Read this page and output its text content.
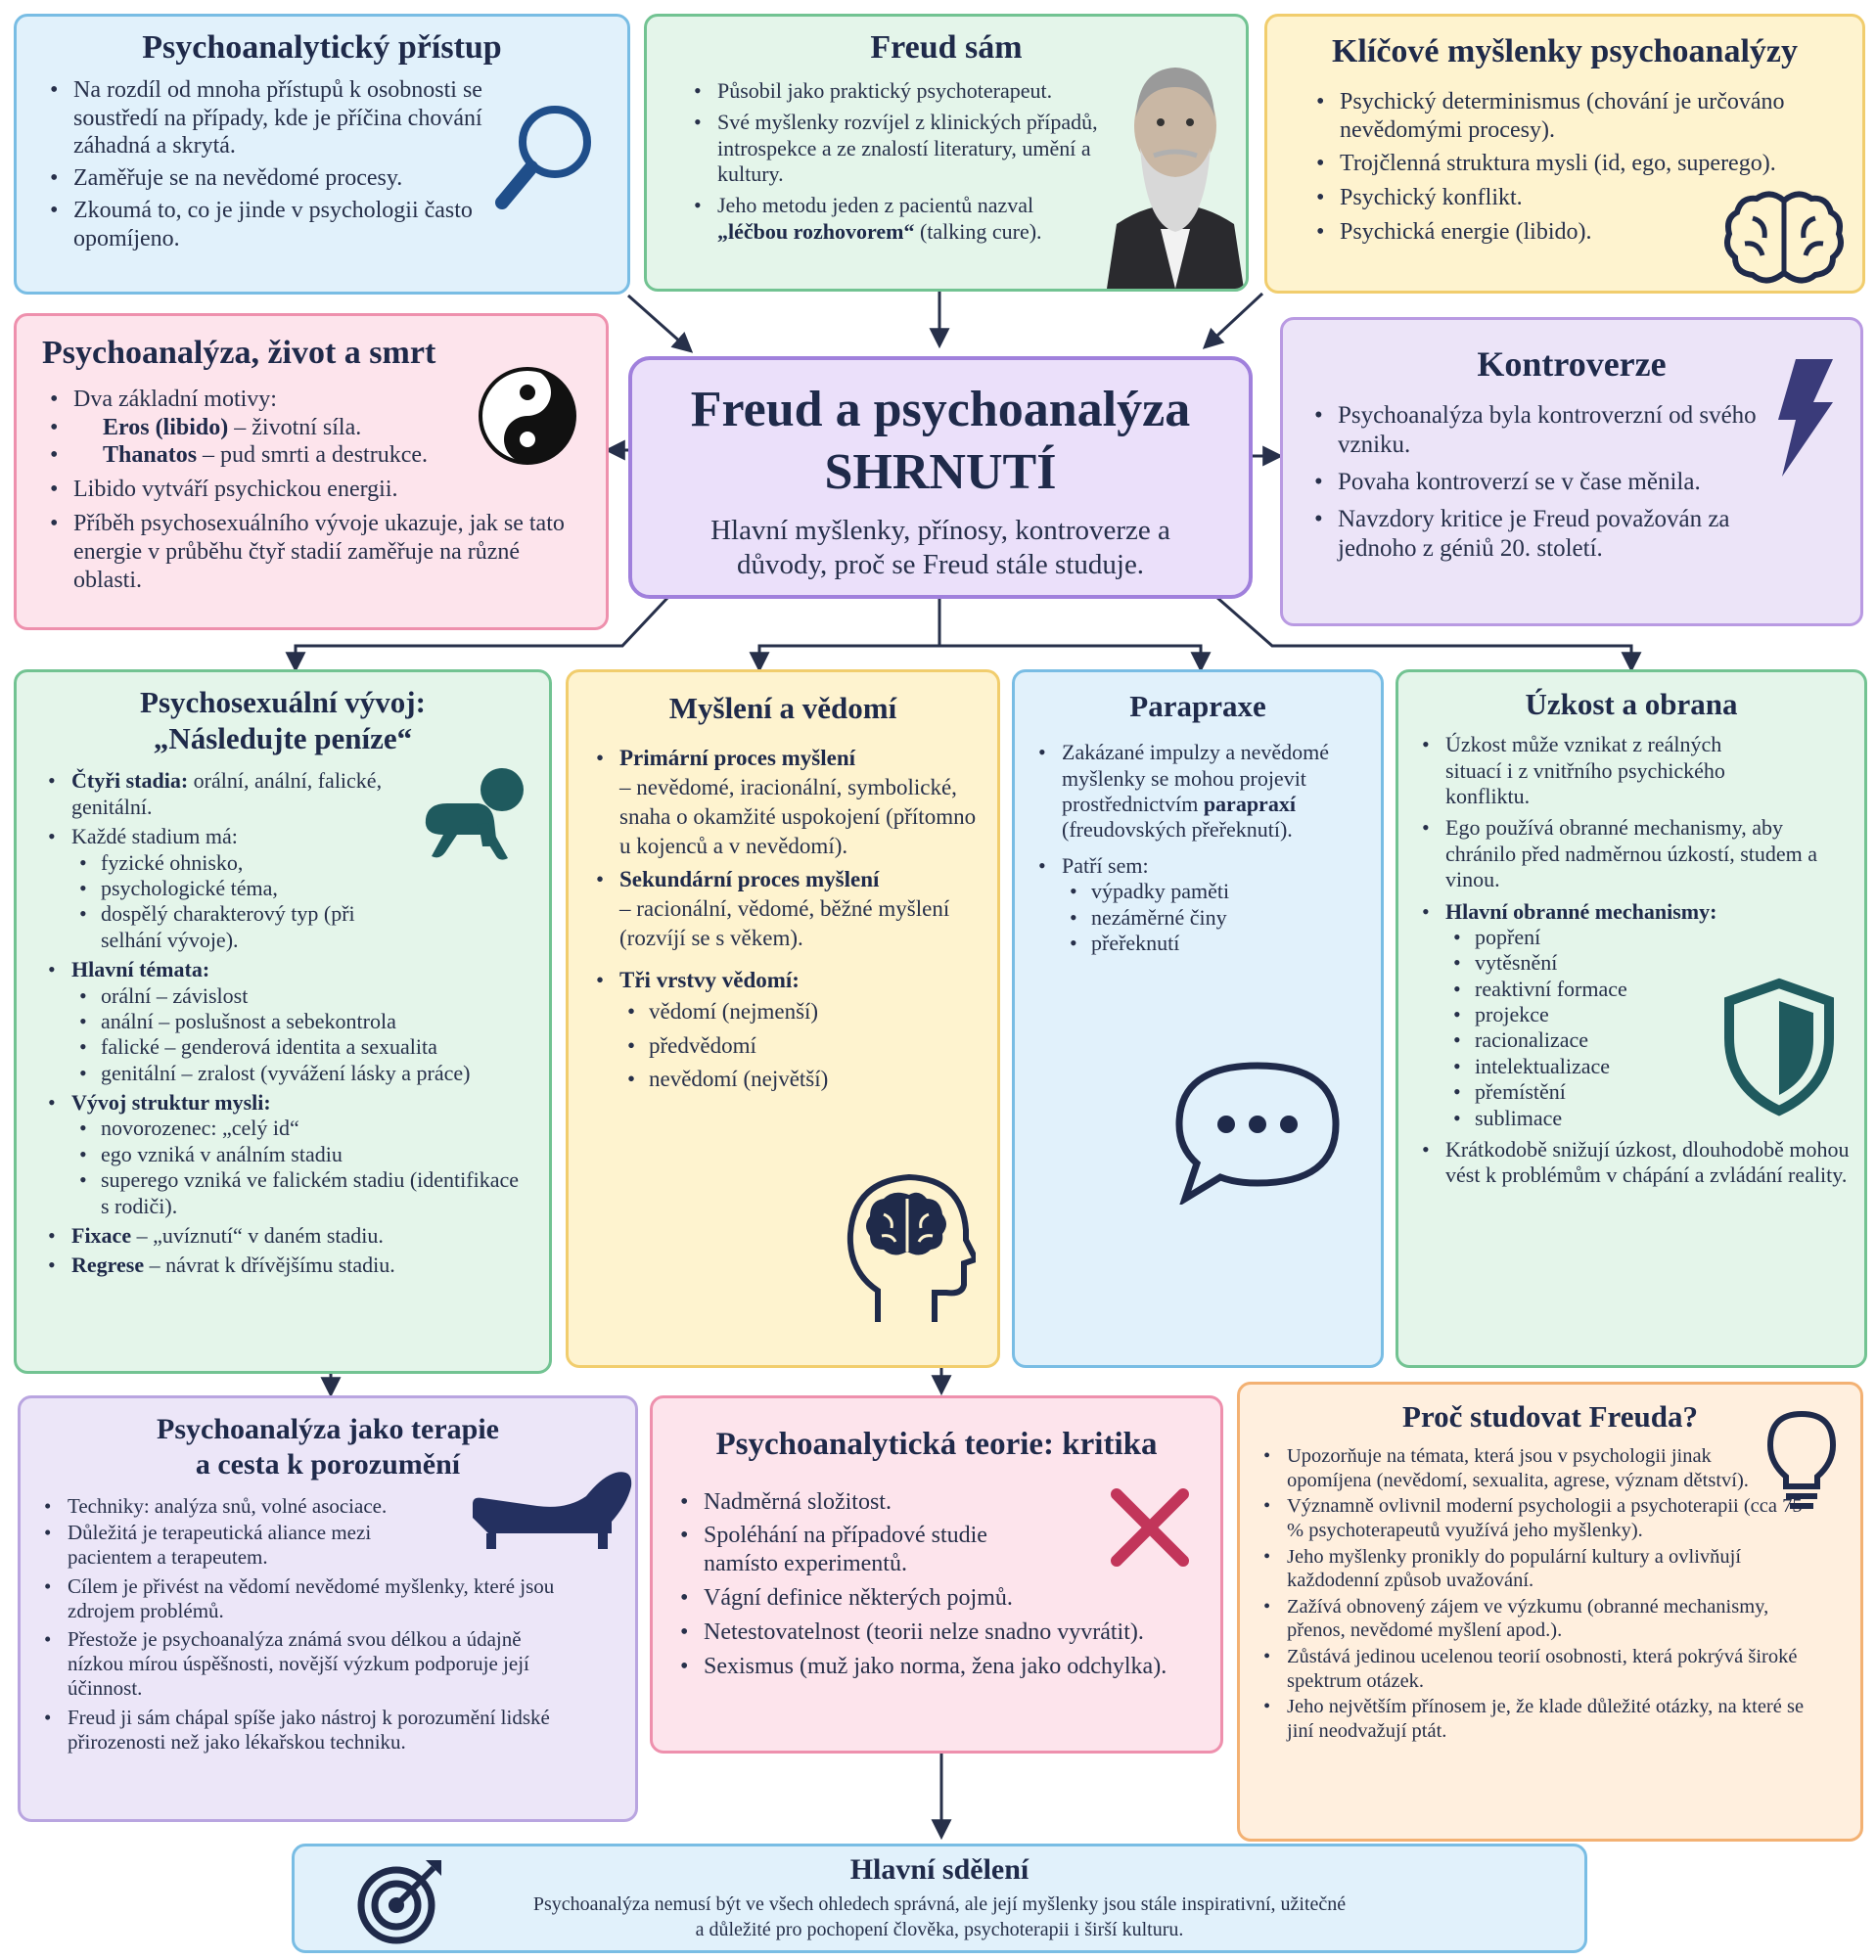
Psychoanalytický přístup
• Na rozdíl od mnoha přístupů k osobnosti se soustředí na případy, kde je příčina chování záhadná a skrytá.
• Zaměřuje se na nevědomé procesy.
• Zkoumá to, co je jinde v psychologii často opomíjeno.
Freud sám
• Působil jako praktický psychoterapeut.
• Své myšlenky rozvíjel z klinických případů, introspekce a ze znalostí literatury, umění a kultury.
• Jeho metodu jeden z pacientů nazval „léčbou rozhovorem“ (talking cure).
Klíčové myšlenky psychoanalýzy
• Psychický determinismus (chování je určováno nevědomými procesy).
• Trojčlenná struktura mysli (id, ego, superego).
• Psychický konflikt.
• Psychická energie (libido).
Psychoanalýza, život a smrt
• Dva základní motivy:
• Eros (libido) – životní síla.
• Thanatos – pud smrti a destrukce.
• Libido vytváří psychickou energii.
• Příběh psychosexuálního vývoje ukazuje, jak se tato energie v průběhu čtyř stadií zaměřuje na různé oblasti.
Freud a psychoanalýza
SHRNUTÍ

Hlavní myšlenky, přínosy, kontroverze a důvody, proč se Freud stále studuje.

Kontroverze
• Psychoanalýza byla kontroverzní od svého vzniku.
• Povaha kontroverzí se v čase měnila.
• Navzdory kritice je Freud považován za jednoho z géniů 20. století.
Psychosexuální vývoj:
„Následujte peníze“
• Čtyři stadia: orální, anální, falické, genitální.
• Každé stadium má:
• fyzické ohnisko,
• psychologické téma,
• dospělý charakterový typ (při selhání vývoje).
• Hlavní témata:
• orální – závislost
• anální – poslušnost a sebekontrola
• falické – genderová identita a sexualita
• genitální – zralost (vyvážení lásky a práce)
• Vývoj struktur mysli:
• novorozenec: „celý id“
• ego vzniká v análním stadiu
• superego vzniká ve falickém stadiu (identifikace s rodiči).
• Fixace – „uvíznutí“ v daném stadiu.
• Regrese – návrat k dřívějšímu stadiu.
Myšlení a vědomí
• Primární proces myšlení
– nevědomé, iracionální, symbolické, snaha o okamžité uspokojení (přítomno u kojenců a v nevědomí).
• Sekundární proces myšlení
– racionální, vědomé, běžné myšlení (rozvíjí se s věkem).
• Tři vrstvy vědomí:
• vědomí (nejmenší)
• předvědomí
• nevědomí (největší)
Parapraxe
• Zakázané impulzy a nevědomé myšlenky se mohou projevit prostřednictvím parapraxí (freudovských přeřeknutí).
• Patří sem:
• výpadky paměti
• nezáměrné činy
• přeřeknutí
Úzkost a obrana
• Úzkost může vznikat z reálných situací i z vnitřního psychického konfliktu.
• Ego používá obranné mechanismy, aby chránilo před nadměrnou úzkostí, studem a vinou.
• Hlavní obranné mechanismy:
• popření
• vytěsnění
• reaktivní formace
• projekce
• racionalizace
• intelektualizace
• přemístění
• sublimace
• Krátkodobě snižují úzkost, dlouhodobě mohou vést k problémům v chápání a zvládání reality.
Psychoanalýza jako terapie
a cesta k porozumění
• Techniky: analýza snů, volné asociace.
• Důležitá je terapeutická aliance mezi pacientem a terapeutem.
• Cílem je přivést na vědomí nevědomé myšlenky, které jsou zdrojem problémů.
• Přestože je psychoanalýza známá svou délkou a údajně nízkou mírou úspěšnosti, novější výzkum podporuje její účinnost.
• Freud ji sám chápal spíše jako nástroj k porozumění lidské přirozenosti než jako lékařskou techniku.
Psychoanalytická teorie: kritika
• Nadměrná složitost.
• Spoléhání na případové studie namísto experimentů.
• Vágní definice některých pojmů.
• Netestovatelnost (teorii nelze snadno vyvrátit).
• Sexismus (muž jako norma, žena jako odchylka).
Proč studovat Freuda?
• Upozorňuje na témata, která jsou v psychologii jinak opomíjena (nevědomí, sexualita, agrese, význam dětství).
• Významně ovlivnil moderní psychologii a psychoterapii (cca 75 % psychoterapeutů využívá jeho myšlenky).
• Jeho myšlenky pronikly do populární kultury a ovlivňují každodenní způsob uvažování.
• Zažívá obnovený zájem ve výzkumu (obranné mechanismy, přenos, nevědomé myšlení apod.).
• Zůstává jedinou ucelenou teorií osobnosti, která pokrývá široké spektrum otázek.
• Jeho největším přínosem je, že klade důležité otázky, na které se jiní neodvažují ptát.
Hlavní sdělení

Psychoanalýza nemusí být ve všech ohledech správná, ale její myšlenky jsou stále inspirativní, užitečné

a důležité pro pochopení člověka, psychoterapii i širší kulturu.
